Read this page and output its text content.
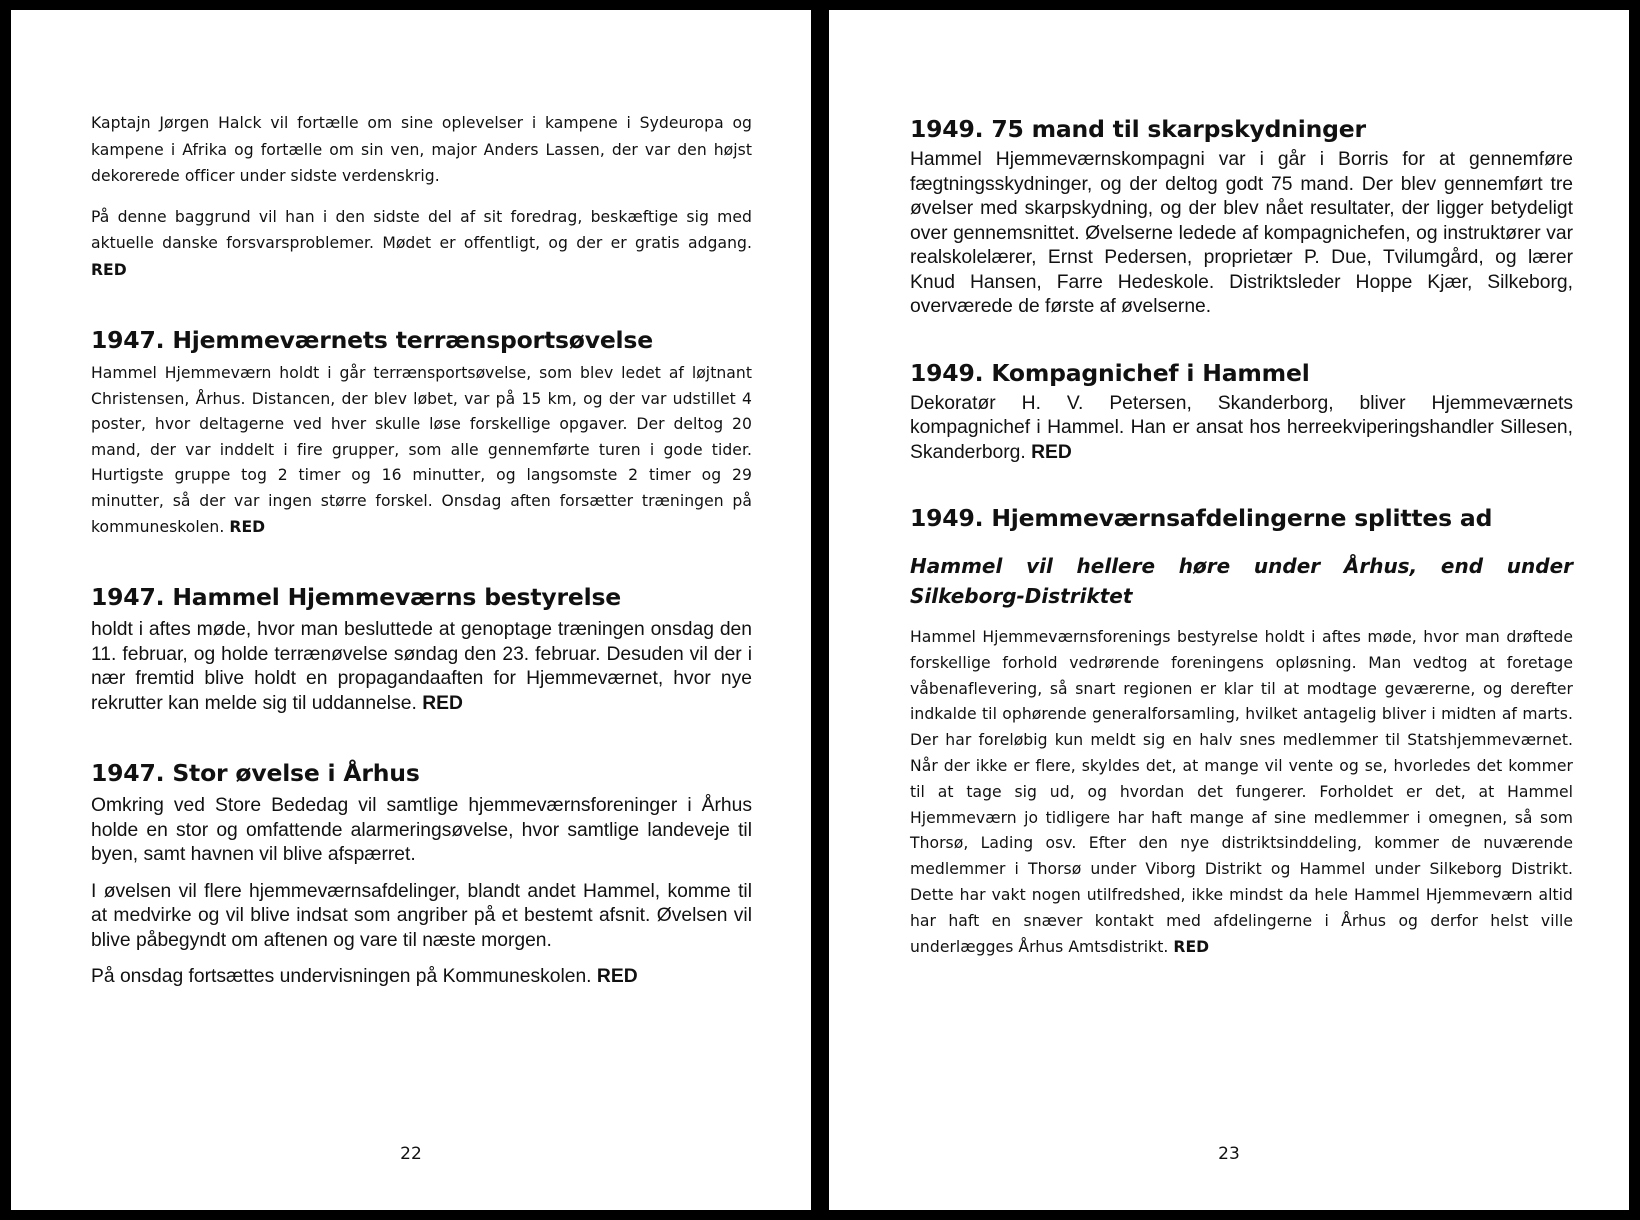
Kaptajn Jørgen Halck vil fortælle om sine oplevelser i kampene i Sydeuropa og kampene i Afrika og fortælle om sin ven, major Anders Lassen, der var den højst dekorerede officer under sidste verdenskrig.

På denne baggrund vil han i den sidste del af sit foredrag, beskæftige sig med aktuelle danske forsvarsproblemer. Mødet er offentligt, og der er gratis adgang. RED

1947. Hjemmeværnets terrænsportsøvelse

Hammel Hjemmeværn holdt i går terrænsportsøvelse, som blev ledet af løjtnant Christensen, Århus. Distancen, der blev løbet, var på 15 km, og der var udstillet 4 poster, hvor deltagerne ved hver skulle løse forskellige opgaver. Der deltog 20 mand, der var inddelt i fire grupper, som alle gennemførte turen i gode tider. Hurtigste gruppe tog 2 timer og 16 minutter, og langsomste 2 timer og 29 minutter, så der var ingen større forskel. Onsdag aften forsætter træningen på kommuneskolen. RED

1947. Hammel Hjemmeværns bestyrelse

holdt i aftes møde, hvor man besluttede at genoptage træningen onsdag den 11. februar, og holde terrænøvelse søndag den 23. februar. Desuden vil der i nær fremtid blive holdt en propagandaaften for Hjemmeværnet, hvor nye rekrutter kan melde sig til uddannelse. RED

1947. Stor øvelse i Århus

Omkring ved Store Bededag vil samtlige hjemmeværnsforeninger i Århus holde en stor og omfattende alarmeringsøvelse, hvor samtlige landeveje til byen, samt havnen vil blive afspærret.

I øvelsen vil flere hjemmeværnsafdelinger, blandt andet Hammel, komme til at medvirke og vil blive indsat som angriber på et bestemt afsnit. Øvelsen vil blive påbegyndt om aftenen og vare til næste morgen.

På onsdag fortsættes undervisningen på Kommuneskolen. RED

22
1949. 75 mand til skarpskydninger

Hammel Hjemmeværnskompagni var i går i Borris for at gennemføre fægtningsskydninger, og der deltog godt 75 mand. Der blev gennemført tre øvelser med skarpskydning, og der blev nået resultater, der ligger betydeligt over gennemsnittet. Øvelserne ledede af kompagnichefen, og instruktører var realskolelærer, Ernst Pedersen, proprietær P. Due, Tvilumgård, og lærer Knud Hansen, Farre Hedeskole. Distriktsleder Hoppe Kjær, Silkeborg, overværede de første af øvelserne.

1949. Kompagnichef i Hammel

Dekoratør H. V. Petersen, Skanderborg, bliver Hjemmeværnets kompagnichef i Hammel. Han er ansat hos herreekviperingshandler Sillesen, Skanderborg. RED

1949. Hjemmeværnsafdelingerne splittes ad

Hammel vil hellere høre under Århus, end under Silkeborg-Distriktet

Hammel Hjemmeværnsforenings bestyrelse holdt i aftes møde, hvor man drøftede forskellige forhold vedrørende foreningens opløsning. Man vedtog at foretage våbenaflevering, så snart regionen er klar til at modtage geværerne, og derefter indkalde til ophørende generalforsamling, hvilket antagelig bliver i midten af marts. Der har foreløbig kun meldt sig en halv snes medlemmer til Statshjemmeværnet. Når der ikke er flere, skyldes det, at mange vil vente og se, hvorledes det kommer til at tage sig ud, og hvordan det fungerer. Forholdet er det, at Hammel Hjemmeværn jo tidligere har haft mange af sine medlemmer i omegnen, så som Thorsø, Lading osv. Efter den nye distriktsinddeling, kommer de nuværende medlemmer i Thorsø under Viborg Distrikt og Hammel under Silkeborg Distrikt. Dette har vakt nogen utilfredshed, ikke mindst da hele Hammel Hjemmeværn altid har haft en snæver kontakt med afdelingerne i Århus og derfor helst ville underlægges Århus Amtsdistrikt. RED

23
